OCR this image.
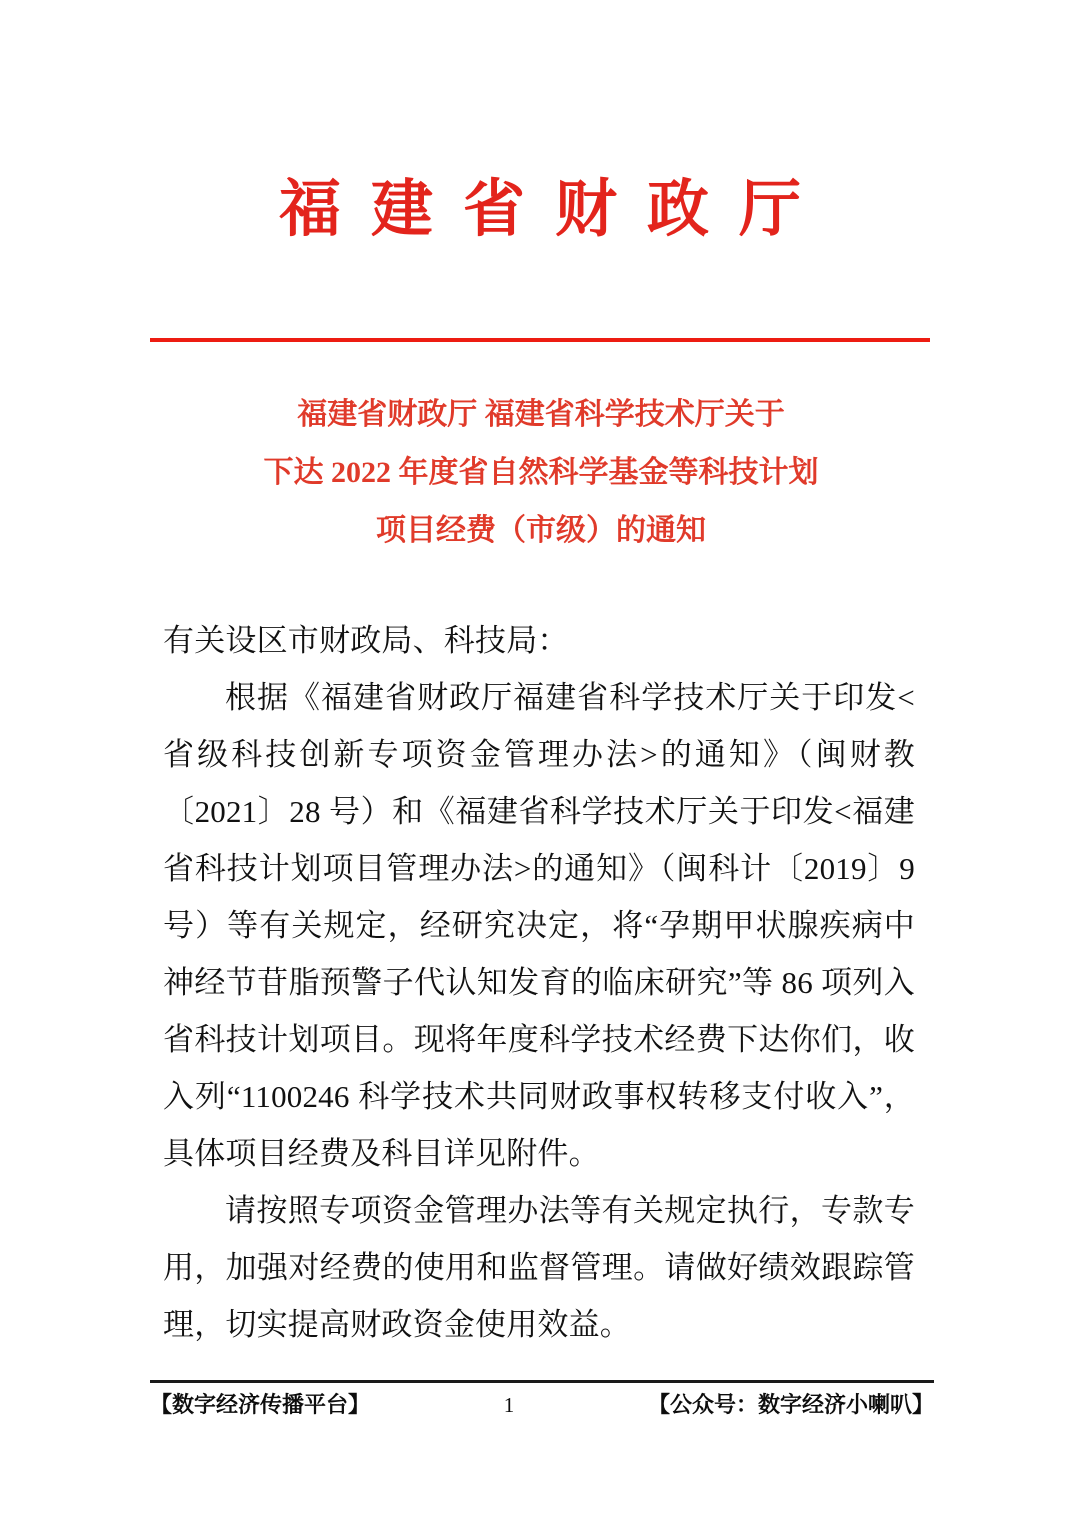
福建省财政厅
福建省财政厅 福建省科学技术厅关于
下达 2022 年度省自然科学基金等科技计划
项目经费（市级）的通知

有关设区市财政局、科技局：

根据《福建省财政厅福建省科学技术厅关于印发<省级科技创新专项资金管理办法>的通知》（闽财教〔2021〕28 号）和《福建省科学技术厅关于印发<福建省科技计划项目管理办法>的通知》（闽科计〔2019〕9 号）等有关规定，经研究决定，将“孕期甲状腺疾病中神经节苷脂预警子代认知发育的临床研究”等 86 项列入省科技计划项目。现将年度科学技术经费下达你们，收入列“1100246 科学技术共同财政事权转移支付收入”，具体项目经费及科目详见附件。

请按照专项资金管理办法等有关规定执行，专款专用，加强对经费的使用和监督管理。请做好绩效跟踪管理，切实提高财政资金使用效益。

【数字经济传播平台】	1	【公众号：数字经济小喇叭】
